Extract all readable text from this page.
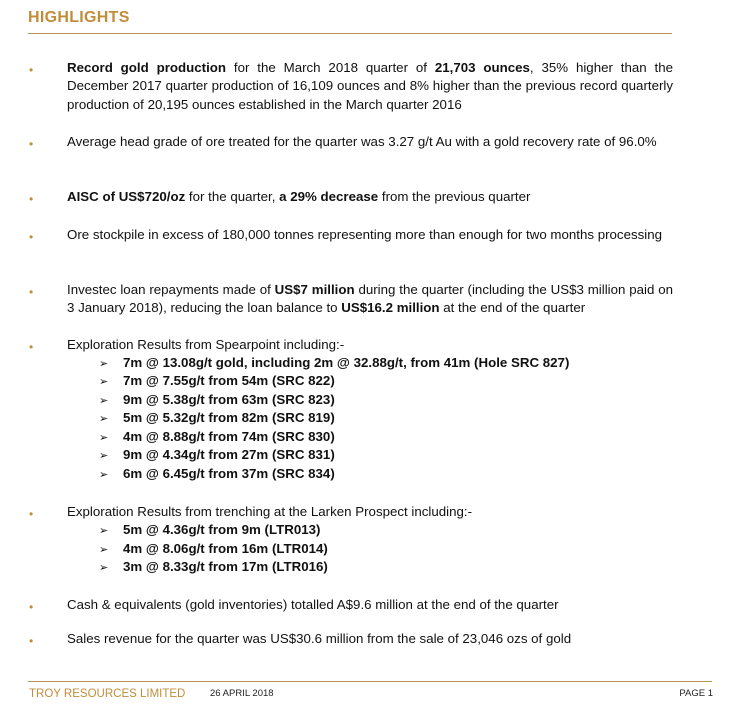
HIGHLIGHTS
•	Record gold production for the March 2018 quarter of 21,703 ounces, 35% higher than the December 2017 quarter production of 16,109 ounces and 8% higher than the previous record quarterly production of 20,195 ounces established in the March quarter 2016
•	Average head grade of ore treated for the quarter was 3.27 g/t Au with a gold recovery rate of 96.0%
•	AISC of US$720/oz for the quarter, a 29% decrease from the previous quarter
•	Ore stockpile in excess of 180,000 tonnes representing more than enough for two months processing
•	Investec loan repayments made of US$7 million during the quarter (including the US$3 million paid on 3 January 2018), reducing the loan balance to US$16.2 million at the end of the quarter
•	Exploration Results from Spearpoint including:-
➢ 7m @ 13.08g/t gold, including 2m @ 32.88g/t, from 41m (Hole SRC 827)
➢ 7m @ 7.55g/t from 54m (SRC 822)
➢ 9m @ 5.38g/t from 63m (SRC 823)
➢ 5m @ 5.32g/t from 82m (SRC 819)
➢ 4m @ 8.88g/t from 74m (SRC 830)
➢ 9m @ 4.34g/t from 27m (SRC 831)
➢ 6m @ 6.45g/t from 37m (SRC 834)
•	Exploration Results from trenching at the Larken Prospect including:-
➢ 5m @ 4.36g/t from 9m (LTR013)
➢ 4m @ 8.06g/t from 16m (LTR014)
➢ 3m @ 8.33g/t from 17m (LTR016)
•	Cash & equivalents (gold inventories) totalled A$9.6 million at the end of the quarter
•	Sales revenue for the quarter was US$30.6 million from the sale of 23,046 ozs of gold
TROY RESOURCES LIMITED	26 APRIL 2018	PAGE 1
